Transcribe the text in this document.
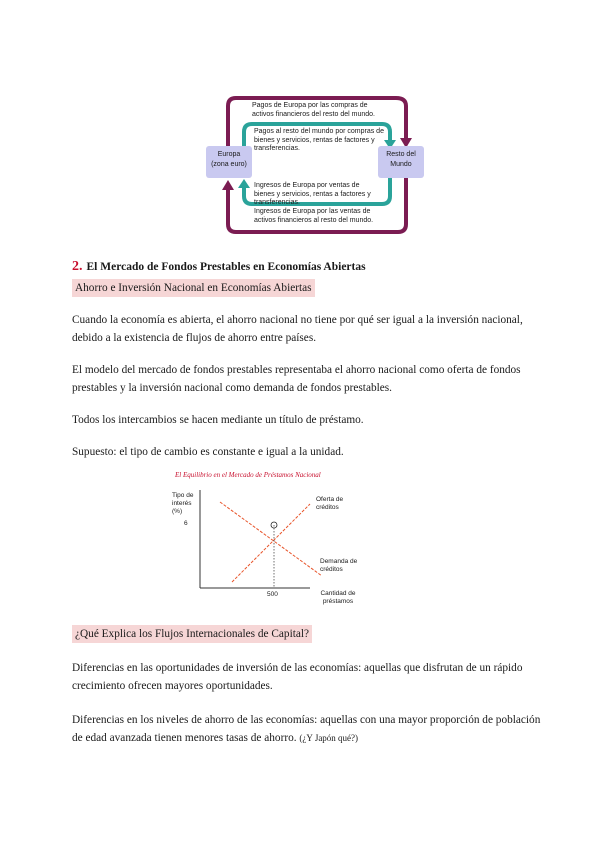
Europa
(zona euro)
Resto del
Mundo
Pagos de Europa por las compras de activos financieros del resto del mundo.
Pagos al resto del mundo por compras de bienes y servicios, rentas de factores y transferencias.
Ingresos de Europa por ventas de bienes y servicios, rentas a factores y transferencias.
Ingresos de Europa por las ventas de activos financieros al resto del mundo.
2. El Mercado de Fondos Prestables en Economías Abiertas
Ahorro e Inversión Nacional en Economías Abiertas
Cuando la economía es abierta, el ahorro nacional no tiene por qué ser igual a la inversión nacional, debido a la existencia de flujos de ahorro entre países.
El modelo del mercado de fondos prestables representaba el ahorro nacional como oferta de fondos prestables y la inversión nacional como demanda de fondos prestables.
Todos los intercambios se hacen mediante un título de préstamo.
Supuesto: el tipo de cambio es constante e igual a la unidad.
El Equilibrio en el Mercado de Préstamos Nacional
Tipo de interés (%)
6
500	Cantidad de préstamos
Oferta de créditos
Demanda de créditos
¿Qué Explica los Flujos Internacionales de Capital?
Diferencias en las oportunidades de inversión de las economías: aquellas que disfrutan de un rápido crecimiento ofrecen mayores oportunidades.
Diferencias en los niveles de ahorro de las economías: aquellas con una mayor proporción de población de edad avanzada tienen menores tasas de ahorro. (¿Y Japón qué?)
